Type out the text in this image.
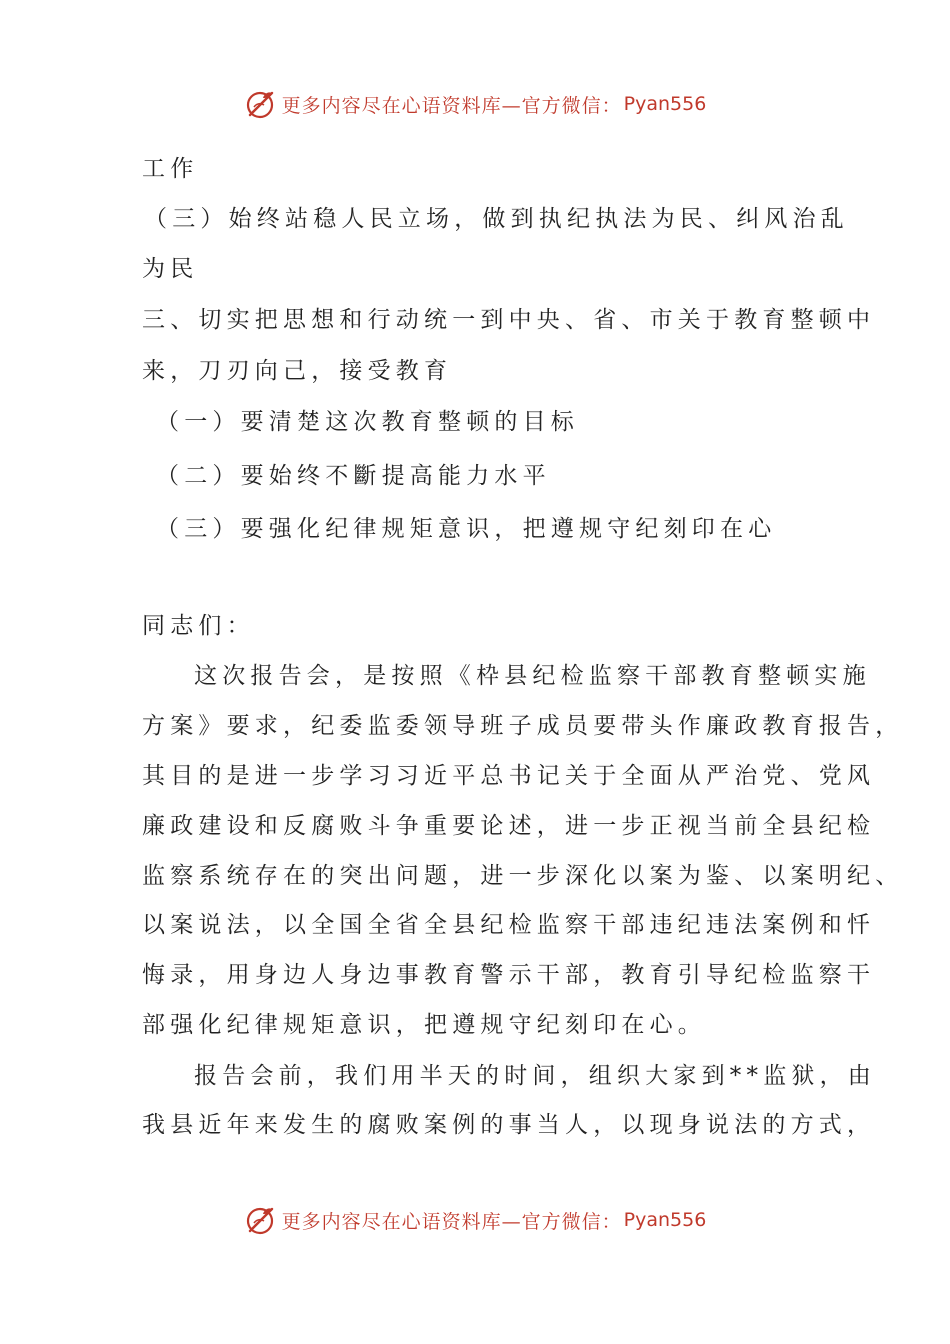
更多内容尽在心语资料库—官方微信： Pyan556
工作
（三）始终站稳人民立场，做到执纪执法为民、纠风治乱
为民
三、切实把思想和行动统一到中央、省、市关于教育整顿中
来，刀刃向己，接受教育
（一）要清楚这次教育整顿的目标
（二）要始终不斷提高能力水平
（三）要强化纪律规矩意识，把遵规守纪刻印在心
同志们：
这次报告会，是按照《枠县纪检监察干部教育整顿实施
方案》要求，纪委监委领导班子成员要带头作廉政教育报告，
其目的是进一步学习习近平总书记关于全面从严治党、党风
廉政建设和反腐败斗争重要论述，进一步正视当前全县纪检
监察系统存在的突出问题，进一步深化以案为鉴、以案明纪、
以案说法，以全国全省全县纪检监察干部违纪违法案例和忏
悔录，用身边人身边事教育警示干部，教育引导纪检监察干
部强化纪律规矩意识，把遵规守纪刻印在心。
报告会前，我们用半天的时间，组织大家到**监狱，由
我县近年来发生的腐败案例的事当人，以现身说法的方式，
更多内容尽在心语资料库—官方微信： Pyan556
